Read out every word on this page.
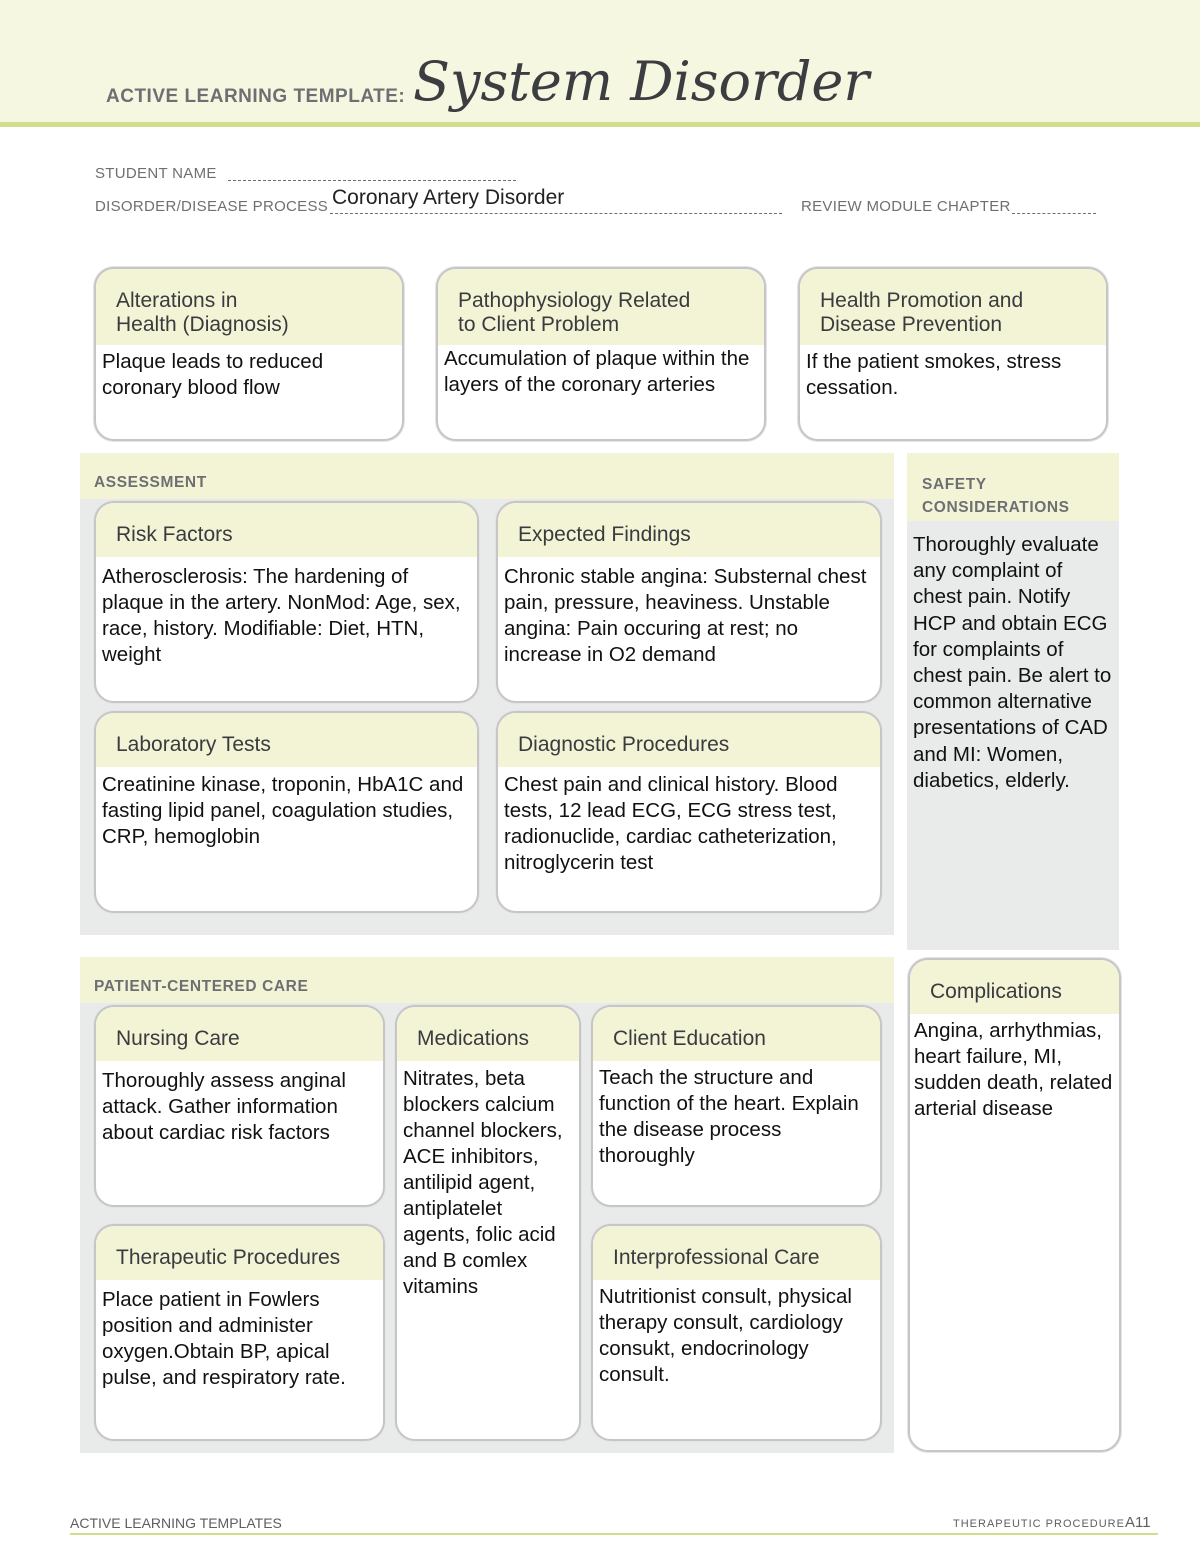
ACTIVE LEARNING TEMPLATE: System Disorder
STUDENT NAME
DISORDER/DISEASE PROCESS Coronary Artery Disorder	REVIEW MODULE CHAPTER
Alterations in
Health (Diagnosis)
Plaque leads to reduced coronary blood flow
Pathophysiology Related
to Client Problem
Accumulation of plaque within the layers of the coronary arteries
Health Promotion and
Disease Prevention
If the patient smokes, stress cessation.
ASSESSMENT
Risk Factors
Atherosclerosis: The hardening of plaque in the artery. NonMod: Age, sex, race, history. Modifiable: Diet, HTN, weight
Expected Findings
Chronic stable angina: Substernal chest pain, pressure, heaviness. Unstable angina: Pain occuring at rest; no increase in O2 demand
Laboratory Tests
Creatinine kinase, troponin, HbA1C and fasting lipid panel, coagulation studies, CRP, hemoglobin
Diagnostic Procedures
Chest pain and clinical history. Blood tests, 12 lead ECG, ECG stress test, radionuclide, cardiac catheterization, nitroglycerin test
SAFETY
CONSIDERATIONS
Thoroughly evaluate any complaint of chest pain. Notify HCP and obtain ECG for complaints of chest pain. Be alert to common alternative presentations of CAD and MI: Women, diabetics, elderly.
PATIENT-CENTERED CARE
Nursing Care
Thoroughly assess anginal attack. Gather information about cardiac risk factors
Medications
Nitrates, beta blockers calcium channel blockers, ACE inhibitors, antilipid agent, antiplatelet agents, folic acid and B comlex vitamins
Client Education
Teach the structure and function of the heart. Explain the disease process thoroughly
Therapeutic Procedures
Place patient in Fowlers position and administer oxygen.Obtain BP, apical pulse, and respiratory rate.
Interprofessional Care
Nutritionist consult, physical therapy consult, cardiology consukt, endocrinology consult.
Complications
Angina, arrhythmias, heart failure, MI, sudden death, related arterial disease
ACTIVE LEARNING TEMPLATES	THERAPEUTIC PROCEDURE A11
